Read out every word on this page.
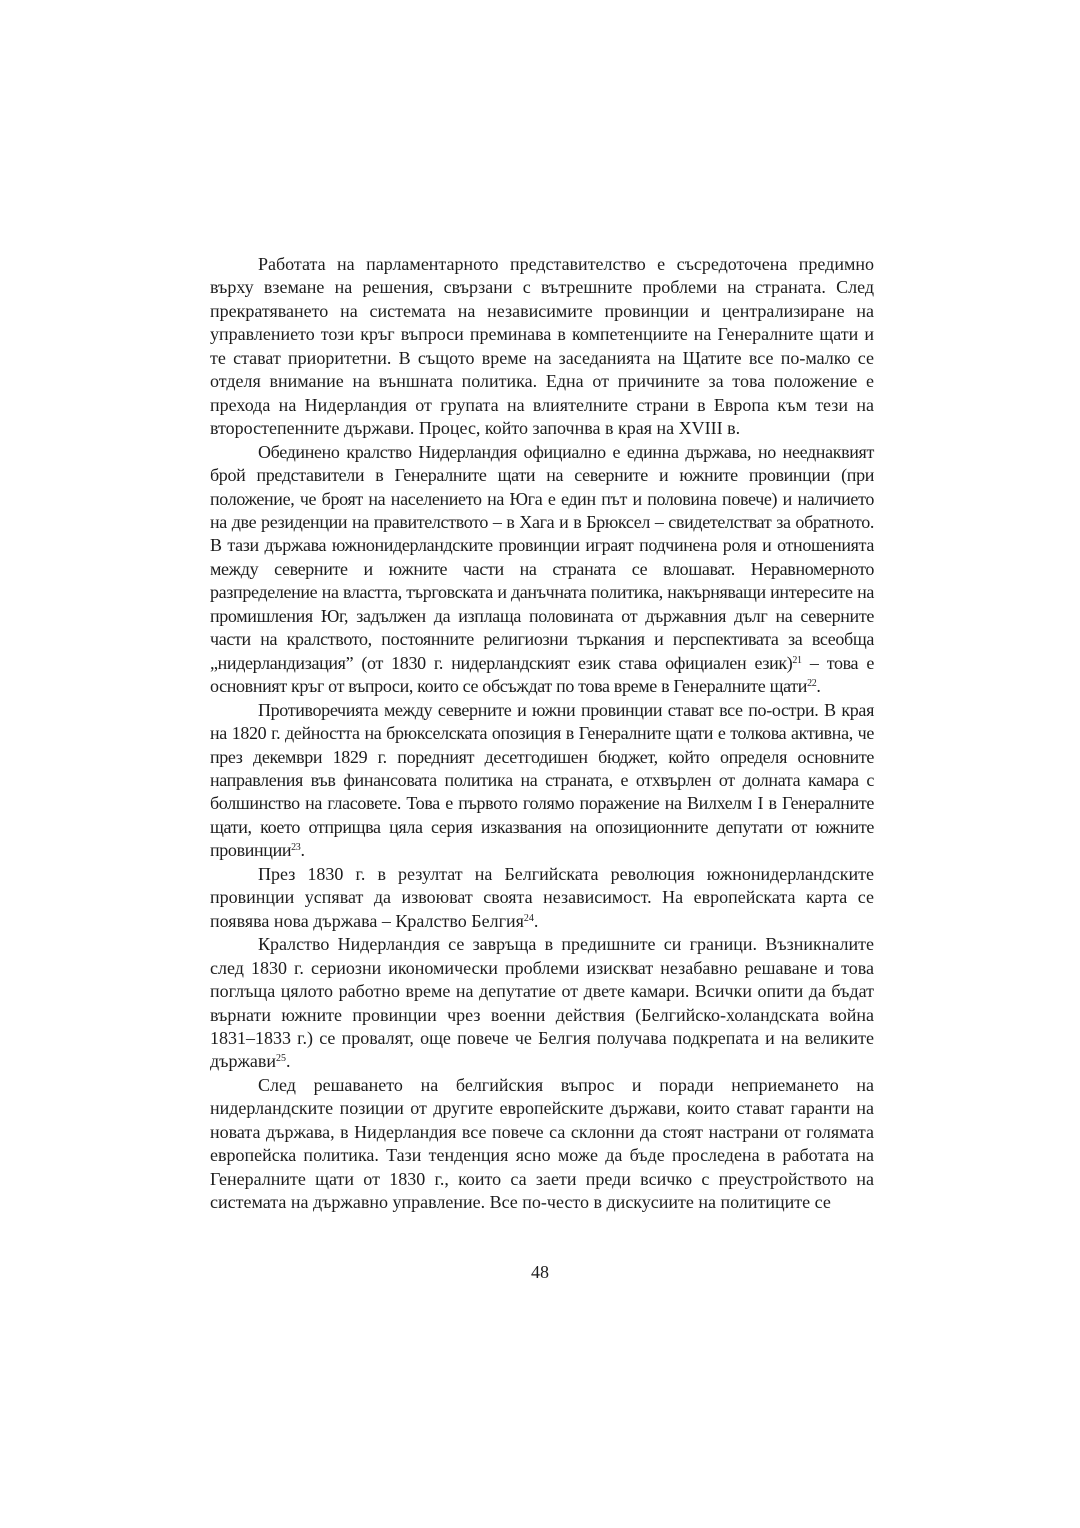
Работата на парламентарното представителство е съсредоточена предимно върху вземане на решения, свързани с вътрешните проблеми на страната. След прекратяването на системата на независимите провинции и централизиране на управлението този кръг въпроси преминава в компетенциите на Генералните щати и те стават приоритетни. В същото време на заседанията на Щатите все по-малко се отделя внимание на външната политика. Една от причините за това положение е прехода на Нидерландия от групата на влиятелните страни в Европа към тези на второстепенните държави. Процес, който започнва в края на XVIII в.

Обединено кралство Нидерландия официално е единна държава, но нееднаквият брой представители в Генералните щати на северните и южните провинции (при положение, че броят на населението на Юга е един път и половина повече) и наличието на две резиденции на правителството – в Хага и в Брюксел – свидетелстват за обратното. В тази държава южнонидерландските провинции играят подчинена роля и отношенията между северните и южните части на страната се влошават. Неравномерното разпределение на властта, търговската и данъчната политика, накърняващи интересите на промишления Юг, задължен да изплаща половината от държавния дълг на северните части на кралството, постоянните религиозни търкания и перспективата за всеобща „нидерландизация” (от 1830 г. нидерландският език става официален език)$^{21}$ – това е основният кръг от въпроси, които се обсъждат по това време в Генералните щати$^{22}$.

Противоречията между северните и южни провинции стават все по-остри. В края на 1820 г. дейността на брюкселската опозиция в Генералните щати е толкова активна, че през декември 1829 г. поредният десетгодишен бюджет, който определя основните направления във финансовата политика на страната, е отхвърлен от долната камара с болшинство на гласовете. Това е първото голямо поражение на Вилхелм I в Генералните щати, което отприщва цяла серия изказвания на опозиционните депутати от южните провинции$^{23}$.

През 1830 г. в резултат на Белгийската революция южнонидерландските провинции успяват да извоюват своята независимост. На европейската карта се появява нова държава – Кралство Белгия$^{24}$.

Кралство Нидерландия се завръща в предишните си граници. Възникналите след 1830 г. сериозни икономически проблеми изискват незабавно решаване и това поглъща цялото работно време на депутатие от двете камари. Всички опити да бъдат върнати южните провинции чрез военни действия (Белгийско-холандската война 1831–1833 г.) се провалят, още повече че Белгия получава подкрепата и на великите държави$^{25}$.

След решаването на белгийския въпрос и поради неприемането на нидерландските позиции от другите европейските държави, които стават гаранти на новата държава, в Нидерландия все повече са склонни да стоят настрани от голямата европейска политика. Тази тенденция ясно може да бъде проследена в работата на Генералните щати от 1830 г., които са заети преди всичко с преустройството на системата на държавно управление. Все по-често в дискусиите на политиците се

48
